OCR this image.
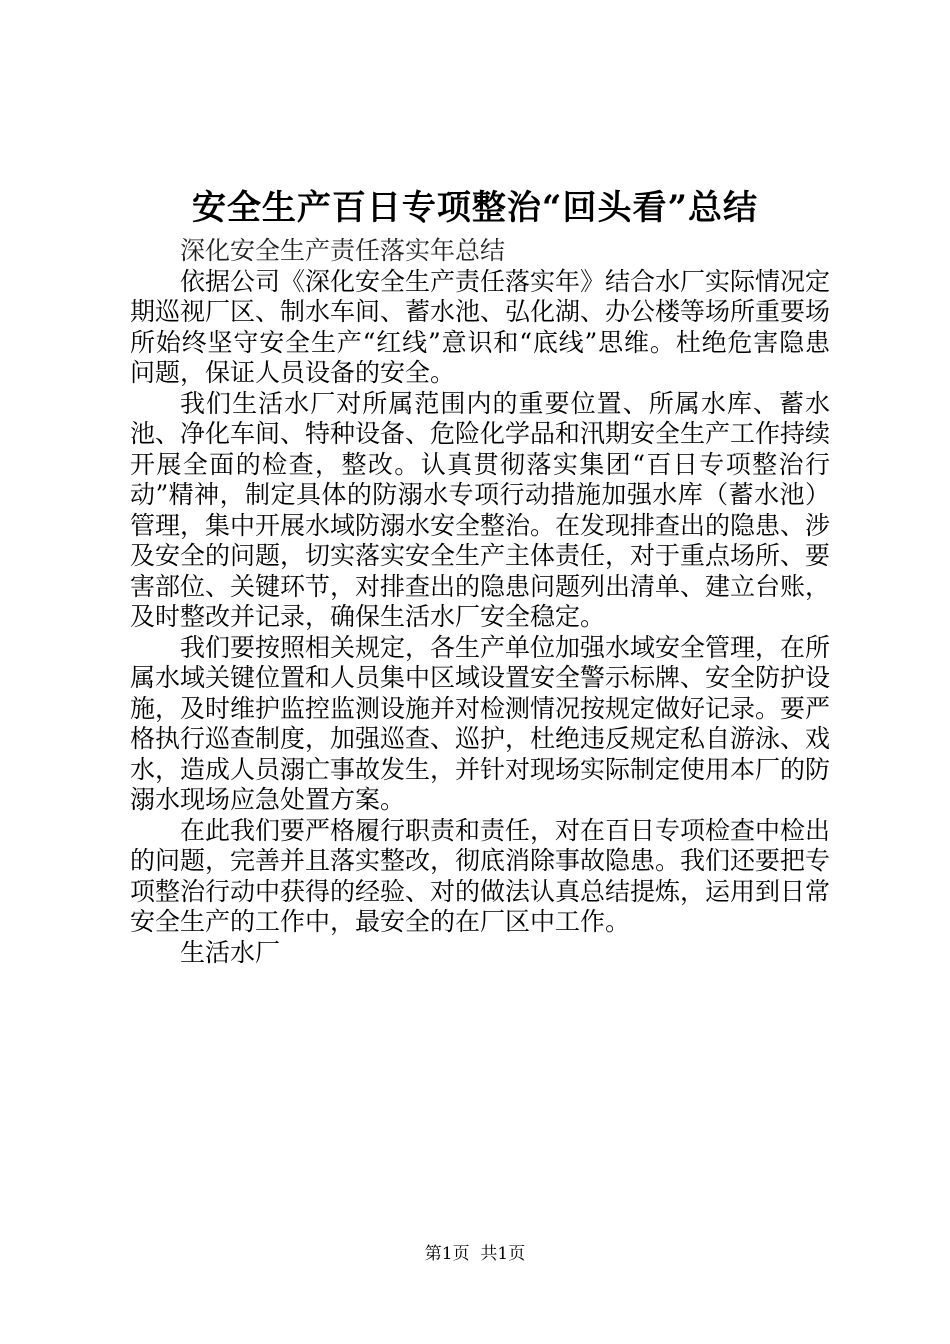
安全生产百日专项整治“回头看”总结

深化安全生产责任落实年总结

依据公司《深化安全生产责任落实年》结合水厂实际情况定期巡视厂区、制水车间、蓄水池、弘化湖、办公楼等场所重要场所始终坚守安全生产“红线”意识和“底线”思维。杜绝危害隐患问题，保证人员设备的安全。

我们生活水厂对所属范围内的重要位置、所属水库、蓄水池、净化车间、特种设备、危险化学品和汛期安全生产工作持续开展全面的检查，整改。认真贯彻落实集团“百日专项整治行动”精神，制定具体的防溺水专项行动措施加强水库（蓄水池）管理，集中开展水域防溺水安全整治。在发现排查出的隐患、涉及安全的问题，切实落实安全生产主体责任，对于重点场所、要害部位、关键环节，对排查出的隐患问题列出清单、建立台账，及时整改并记录，确保生活水厂安全稳定。

我们要按照相关规定，各生产单位加强水域安全管理，在所属水域关键位置和人员集中区域设置安全警示标牌、安全防护设施，及时维护监控监测设施并对检测情况按规定做好记录。要严格执行巡查制度，加强巡查、巡护，杜绝违反规定私自游泳、戏水，造成人员溺亡事故发生，并针对现场实际制定使用本厂的防溺水现场应急处置方案。

在此我们要严格履行职责和责任，对在百日专项检查中检出的问题，完善并且落实整改，彻底消除事故隐患。我们还要把专项整治行动中获得的经验、对的做法认真总结提炼，运用到日常安全生产的工作中，最安全的在厂区中工作。

生活水厂

第1页  共1页
